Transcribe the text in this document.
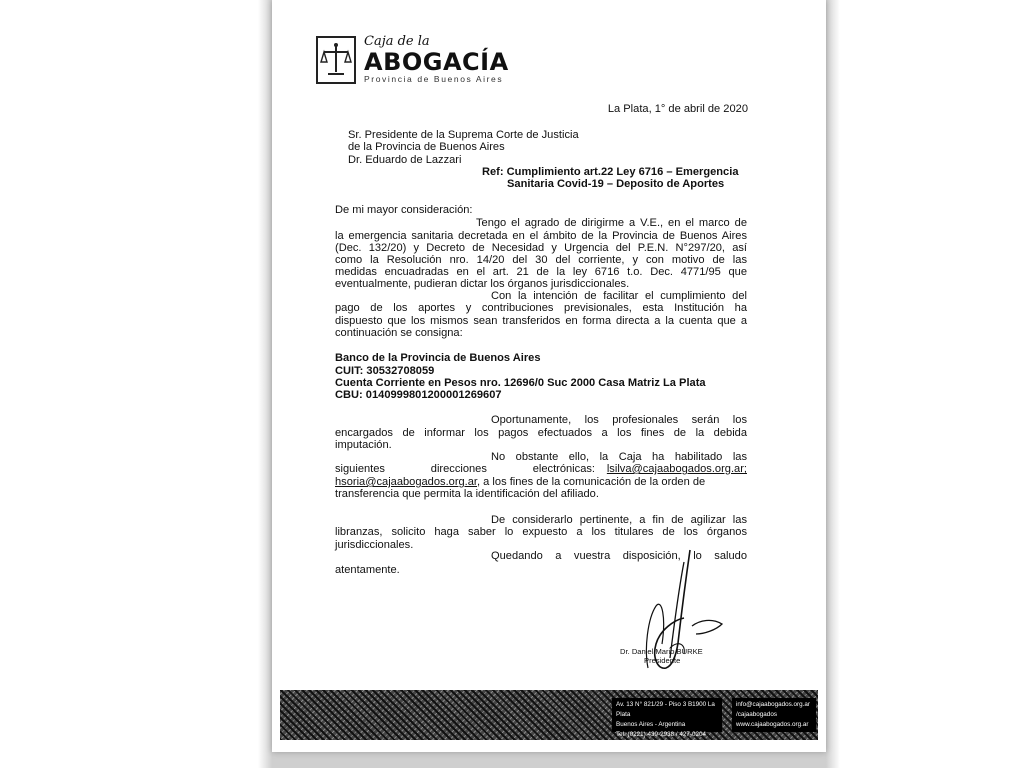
Caja de la
ABOGACÍA
Provincia de Buenos Aires
La Plata, 1° de abril de 2020
Sr. Presidente de la Suprema Corte de Justicia
de la Provincia de Buenos Aires
Dr. Eduardo de Lazzari
Ref: Cumplimiento art.22 Ley 6716 – Emergencia
Sanitaria Covid-19 – Deposito de Aportes
De mi mayor consideración:
Tengo el agrado de dirigirme a V.E., en el marco de
la emergencia sanitaria decretada en el ámbito de la Provincia de Buenos Aires
(Dec. 132/20) y Decreto de Necesidad y Urgencia del P.E.N. N°297/20, así
como la Resolución nro. 14/20 del 30 del corriente, y con motivo de las
medidas encuadradas en el art. 21 de la ley 6716 t.o. Dec. 4771/95 que
eventualmente, pudieran dictar los órganos jurisdiccionales.
Con la intención de facilitar el cumplimiento del
pago de los aportes y contribuciones previsionales, esta Institución ha
dispuesto que los mismos sean transferidos en forma directa a la cuenta que a
continuación se consigna:
Banco de la Provincia de Buenos Aires
CUIT: 30532708059
Cuenta Corriente en Pesos nro. 12696/0 Suc 2000 Casa Matriz La Plata
CBU: 0140999801200001269607
Oportunamente, los profesionales serán los
encargados de informar los pagos efectuados a los fines de la debida
imputación.
No obstante ello, la Caja ha habilitado las
siguientes direcciones electrónicas: lsilva@cajaabogados.org.ar;
hsoria@cajaabogados.org.ar, a los fines de la comunicación de la orden de
transferencia que permita la identificación del afiliado.
De considerarlo pertinente, a fin de agilizar las
libranzas, solicito haga saber lo expuesto a los titulares de los órganos
jurisdiccionales.
Quedando a vuestra disposición, lo saludo
atentamente.
Dr. Daniel Mario BURKE
Presidente
Av. 13 N° 821/29 - Piso 3 B1900 La Plata
Buenos Aires - Argentina
Tel. (0221) 439-2938 / 427-0204
info@cajaabogados.org.ar
/cajaabogados
www.cajaabogados.org.ar
